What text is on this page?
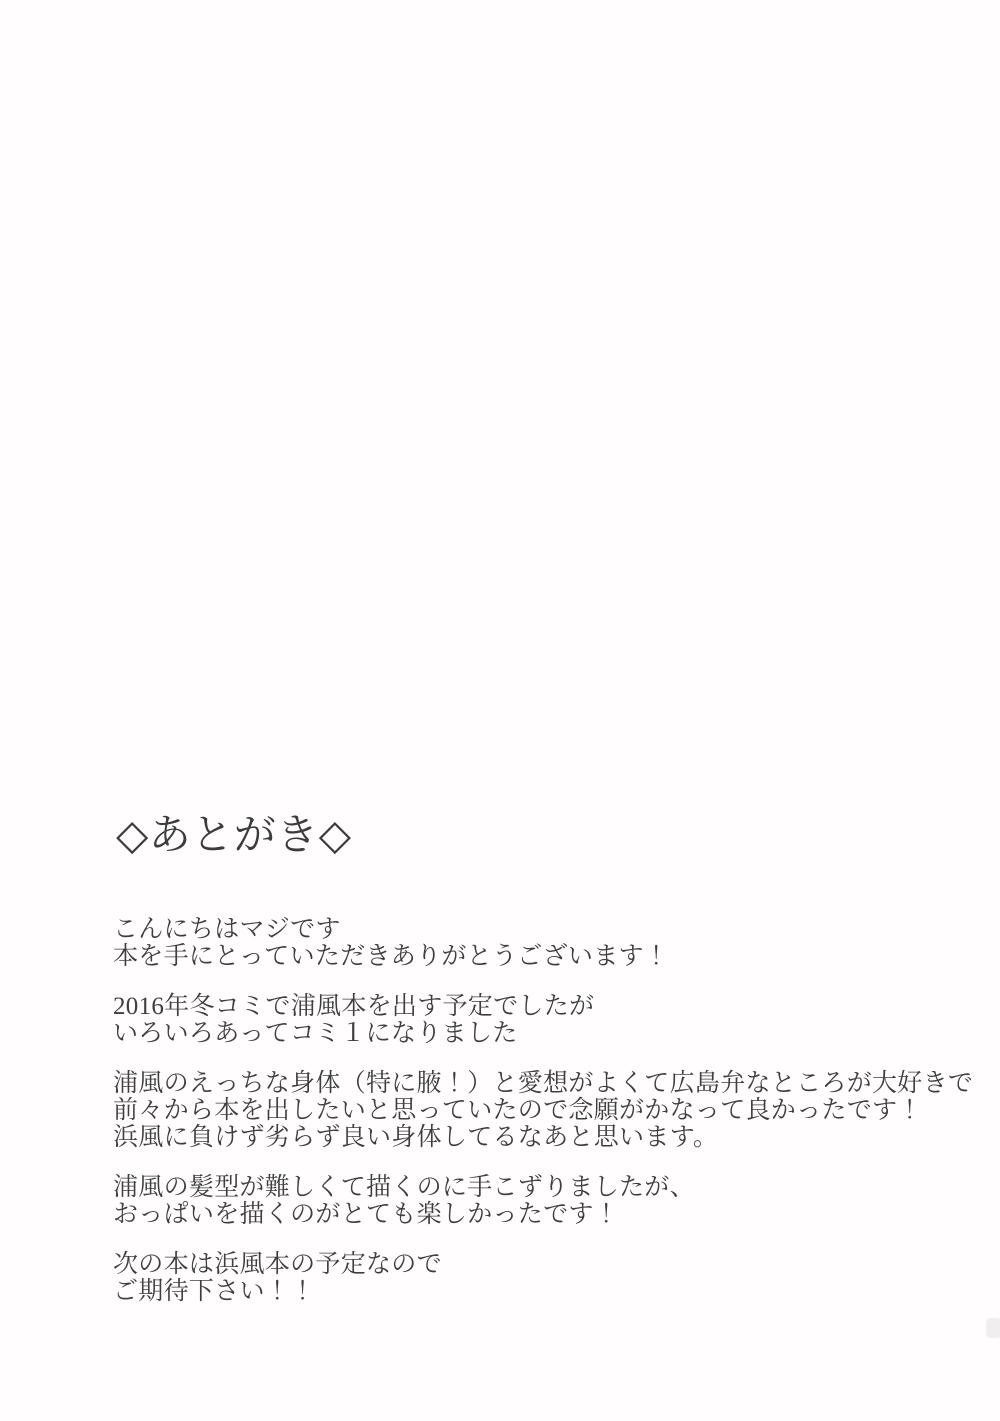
◇あとがき◇
こんにちはマジです
本を手にとっていただきありがとうございます！
2016年冬コミで浦風本を出す予定でしたが
いろいろあってコミ１になりました
浦風のえっちな身体（特に腋！）と愛想がよくて広島弁なところが大好きで
前々から本を出したいと思っていたので念願がかなって良かったです！
浜風に負けず劣らず良い身体してるなあと思います。
浦風の髪型が難しくて描くのに手こずりましたが、
おっぱいを描くのがとても楽しかったです！
次の本は浜風本の予定なので
ご期待下さい！！
